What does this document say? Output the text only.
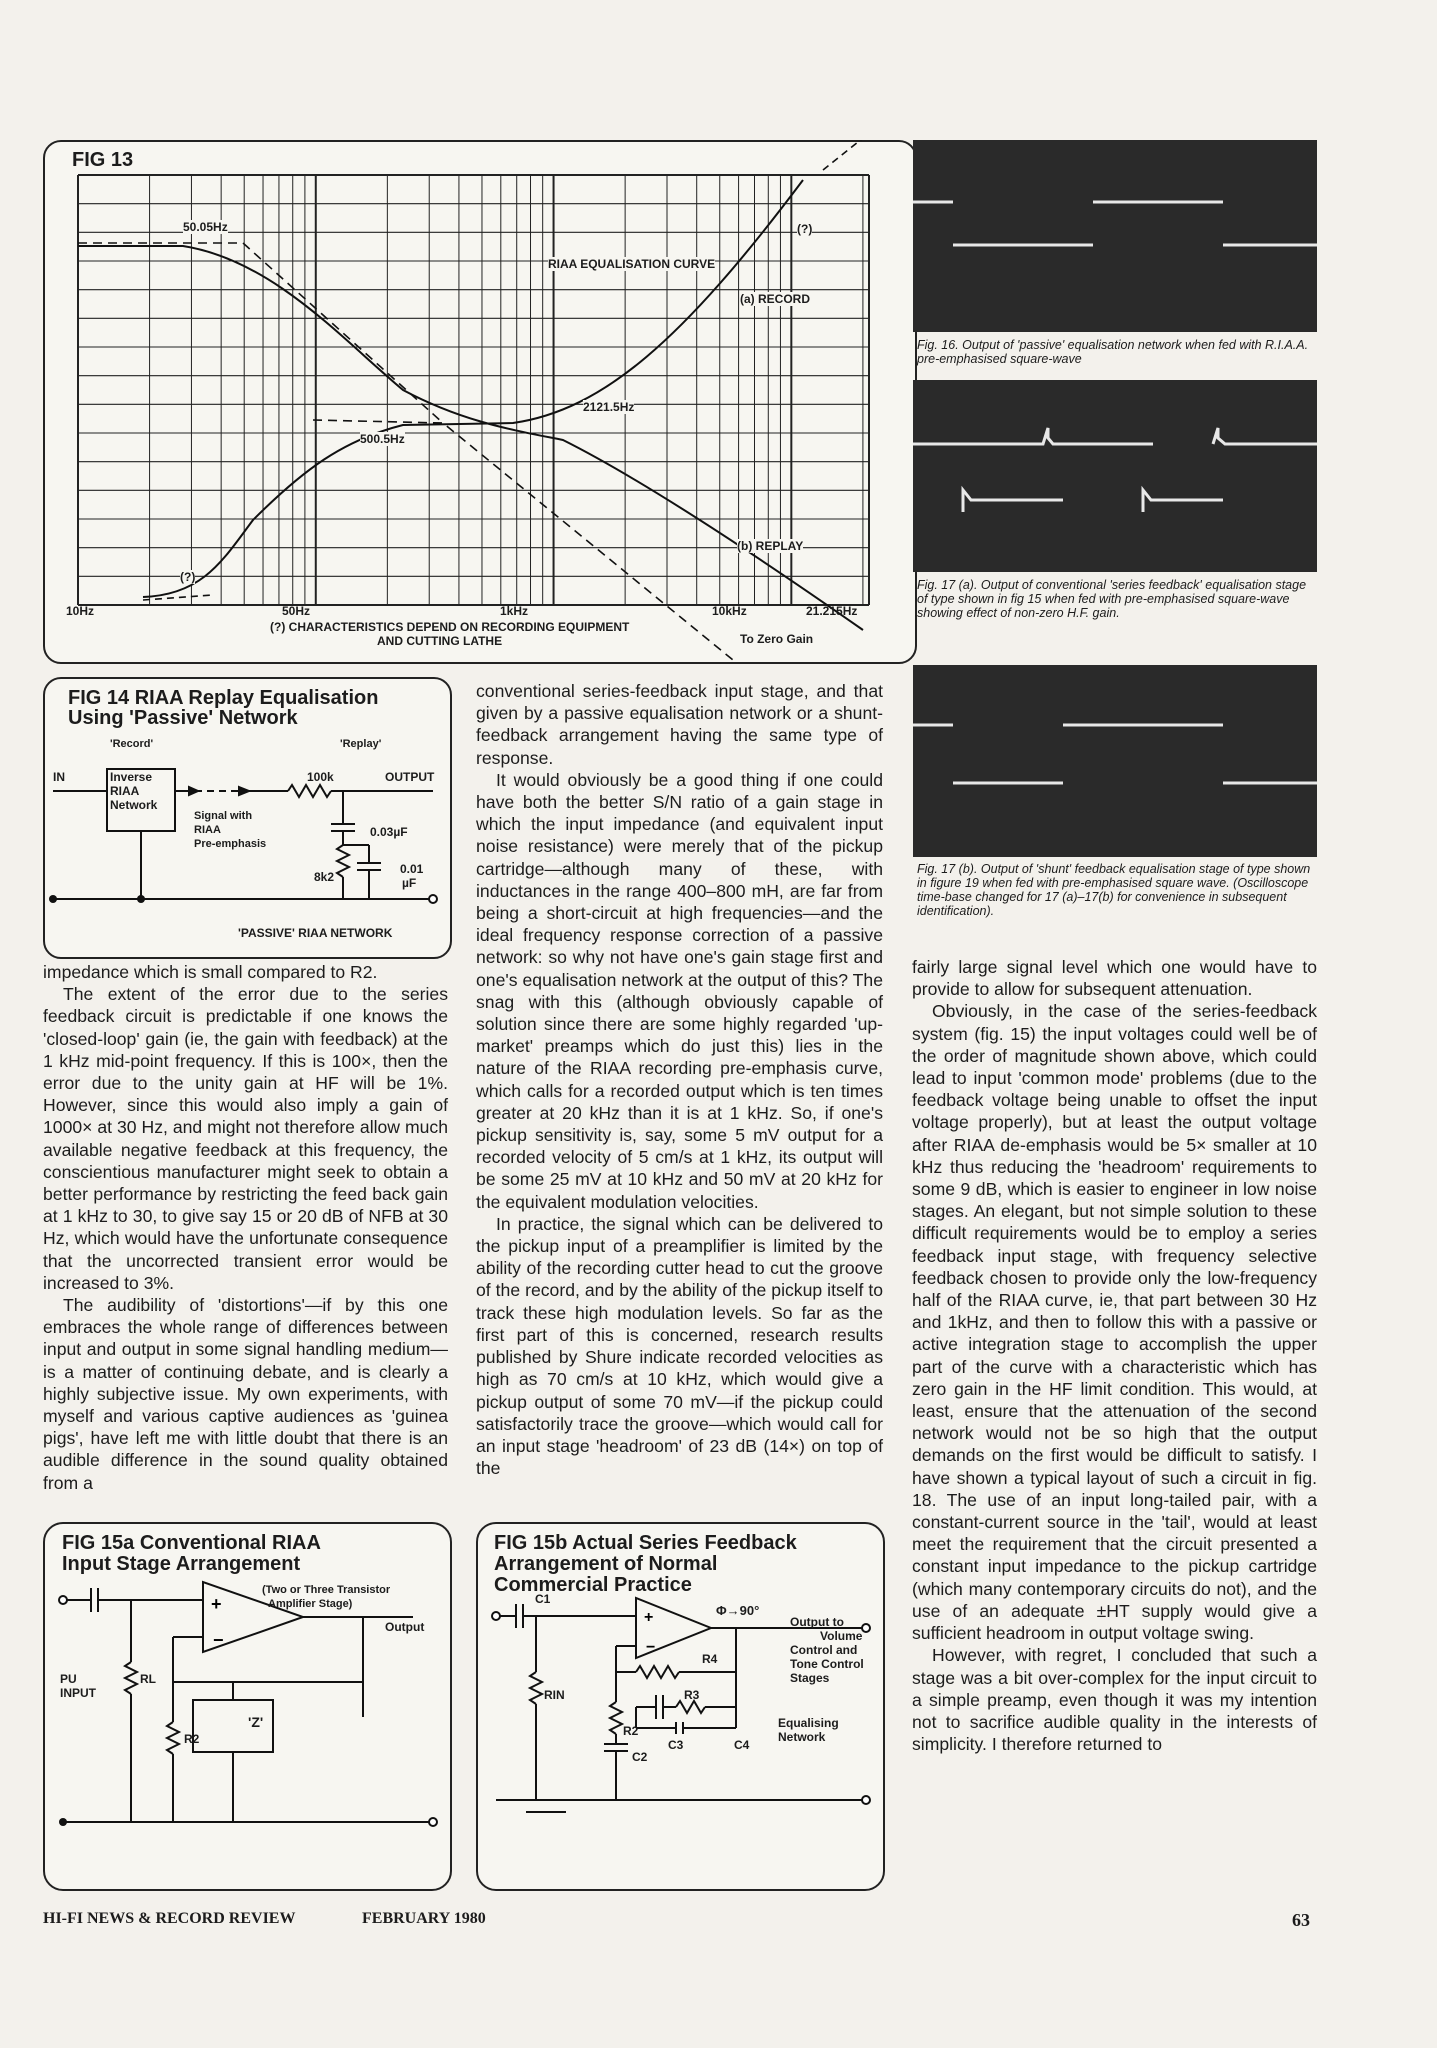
FIG 13
50.05Hz	(?)
RIAA EQUALISATION CURVE
(a) RECORD
2121.5Hz
500.5Hz
(b) REPLAY
(?)
10Hz	50Hz	1kHz	10kHz	21.215Hz
(?) CHARACTERISTICS DEPEND ON RECORDING EQUIPMENT
AND CUTTING LATHE	To Zero Gain
Fig. 16. Output of 'passive' equalisation network when fed with R.I.A.A. pre-emphasised square-wave
Fig. 17 (a). Output of conventional 'series feedback' equalisation stage of type shown in fig 15 when fed with pre-emphasised square-wave showing effect of non-zero H.F. gain.
Fig. 17 (b). Output of 'shunt' feedback equalisation stage of type shown in figure 19 when fed with pre-emphasised square wave. (Oscilloscope time-base changed for 17 (a)–17(b) for convenience in subsequent identification).
FIG 14 RIAA Replay Equalisation
Using 'Passive' Network
'Record'	'Replay'
IN	Inverse
RIAA
Network
100k	OUTPUT
Signal with
RIAA
Pre-emphasis
0.03µF
0.01
µF
8k2
'PASSIVE' RIAA NETWORK

impedance which is small compared to R2.

The extent of the error due to the series feedback circuit is predictable if one knows the 'closed-loop' gain (ie, the gain with feedback) at the 1 kHz mid-point frequency. If this is 100×, then the error due to the unity gain at HF will be 1%. However, since this would also imply a gain of 1000× at 30 Hz, and might not therefore allow much available negative feedback at this frequency, the conscientious manufacturer might seek to obtain a better performance by restricting the feed back gain at 1 kHz to 30, to give say 15 or 20 dB of NFB at 30 Hz, which would have the unfortunate consequence that the uncorrected transient error would be increased to 3%.

The audibility of 'distortions'—if by this one embraces the whole range of differences between input and output in some signal handling medium—is a matter of continuing debate, and is clearly a highly subjective issue. My own experiments, with myself and various captive audiences as 'guinea pigs', have left me with little doubt that there is an audible difference in the sound quality obtained from a

conventional series-feedback input stage, and that given by a passive equalisation network or a shunt-feedback arrangement having the same type of response.

It would obviously be a good thing if one could have both the better S/N ratio of a gain stage in which the input impedance (and equivalent input noise resistance) were merely that of the pickup cartridge—although many of these, with inductances in the range 400–800 mH, are far from being a short-circuit at high frequencies—and the ideal frequency response correction of a passive network: so why not have one's gain stage first and one's equalisation network at the output of this? The snag with this (although obviously capable of solution since there are some highly regarded 'up-market' preamps which do just this) lies in the nature of the RIAA recording pre-emphasis curve, which calls for a recorded output which is ten times greater at 20 kHz than it is at 1 kHz. So, if one's pickup sensitivity is, say, some 5 mV output for a recorded velocity of 5 cm/s at 1 kHz, its output will be some 25 mV at 10 kHz and 50 mV at 20 kHz for the equivalent modulation velocities.

In practice, the signal which can be delivered to the pickup input of a preamplifier is limited by the ability of the recording cutter head to cut the groove of the record, and by the ability of the pickup itself to track these high modulation levels. So far as the first part of this is concerned, research results published by Shure indicate recorded velocities as high as 70 cm/s at 10 kHz, which would give a pickup output of some 70 mV—if the pickup could satisfactorily trace the groove—which would call for an input stage 'headroom' of 23 dB (14×) on top of the

fairly large signal level which one would have to provide to allow for subsequent attenuation.

Obviously, in the case of the series-feedback system (fig. 15) the input voltages could well be of the order of magnitude shown above, which could lead to input 'common mode' problems (due to the feedback voltage being unable to offset the input voltage properly), but at least the output voltage after RIAA de-emphasis would be 5× smaller at 10 kHz thus reducing the 'headroom' requirements to some 9 dB, which is easier to engineer in low noise stages. An elegant, but not simple solution to these difficult requirements would be to employ a series feedback input stage, with frequency selective feedback chosen to provide only the low-frequency half of the RIAA curve, ie, that part between 30 Hz and 1kHz, and then to follow this with a passive or active integration stage to accomplish the upper part of the curve with a characteristic which has zero gain in the HF limit condition. This would, at least, ensure that the attenuation of the second network would not be so high that the output demands on the first would be difficult to satisfy. I have shown a typical layout of such a circuit in fig. 18. The use of an input long-tailed pair, with a constant-current source in the 'tail', would at least meet the requirement that the circuit presented a constant input impedance to the pickup cartridge (which many contemporary circuits do not), and the use of an adequate ±HT supply would give a sufficient headroom in output voltage swing.

However, with regret, I concluded that such a stage was a bit over-complex for the input circuit to a simple preamp, even though it was my intention not to sacrifice audible quality in the interests of simplicity. I therefore returned to

FIG 15a Conventional RIAA
Input Stage Arrangement
+
−
(Two or Three Transistor
Amplifier Stage)
Output
PU
INPUT
RL
R2
'Z'
FIG 15b Actual Series Feedback
Arrangement of Normal
Commercial Practice
+
−
C1
Φ→90°
Output to
Volume
Control and
Tone Control
Stages
R4
R3
RIN
R2
C2
C3	C4
Equalising
Network
HI-FI NEWS & RECORD REVIEW	FEBRUARY 1980	63
